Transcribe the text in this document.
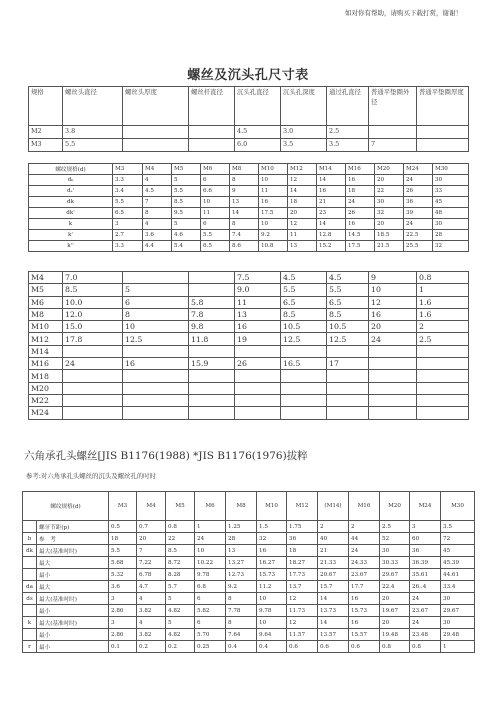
如对你有帮助，请购买下载打赏，谢谢！
螺丝及沉头孔尺寸表
规格	螺丝头直径	螺丝头厚度	螺丝杆直径	沉头孔直径	沉头孔深度	通过孔直径	普通平垫圈外径	普通平垫圈厚度
M2	3.8			4.5	3.0	2.5		
M3	5.5			6.0	3.5	3.5	7	
螺纹规格(d)	M3	M4	M5	M6	M8	M10	M12	M14	M16	M20	M24	M30
dₖ	3.3	4	5	6	8	10	12	14	16	20	24	30
dₛ'	3.4	4.5	5.5	6.6	9	11	14	16	18	22	26	33
dk	5.5	7	8.5	10	13	16	18	21	24	30	36	45
dk'	6.5	8	9.5	11	14	17.5	20	23	26	32	39	48
k	3	4	5	6	8	10	12	14	16	20	24	30
k'	2.7	3.6	4.6	5.5	7.4	9.2	11	12.8	14.5	18.5	22.5	28
k''	3.3	4.4	5.4	6.5	8.6	10.8	13	15.2	17.5	21.5	25.5	32
M4	7.0			7.5	4.5	4.5	9	0.8
M5	8.5	5		9.0	5.5	5.5	10	1
M6	10.0	6	5.8	11	6.5	6.5	12	1.6
M8	12.0	8	7.8	13	8.5	8.5	16	1.6
M10	15.0	10	9.8	16	10.5	10.5	20	2
M12	17.8	12.5	11.8	19	12.5	12.5	24	2.5
M14								
M16	24	16	15.9	26	16.5	17		
M18								
M20								
M22								
M24								
六角承孔头螺丝[JIS B1176(1988) *JIS B1176(1976)拔粹
参考:对六角承孔头螺丝的沉头及螺丝孔的吋时
螺纹规格(d)		M3	M4	M5	M6	M8	M10	M12	(M14)	M16	M20	M24	M30
	螺牙节距(p)	0.5	0.7	0.8	1	1.25	1.5	1.75	2	2	2.5	3	3.5
b	参　考	18	20	22	24	28	32	36	40	44	52	60	72
dk	最大(基准吋时)	5.5	7	8.5	10	13	16	18	21	24	30	36	45
	最大	5.68	7.22	8.72	10.22	13.27	16.27	18.27	21.33	24.33	30.33	36.39	45.39
	最小	5.32	6.78	8.28	9.78	12.73	15.73	17.73	20.67	23.67	29.67	35.61	44.61
da	最大	3.6	4.7	5.7	6.8	9.2	11.2	13.7	15.7	17.7	22.4	26..4	33.4
ds	最大(基准吋时)	3	4	5	6	8	10	12	14	16	20	24	30
	最小	2.86	3.82	4.82	5.82	7.78	9.78	11.73	13.73	15.73	19.67	23.67	29.67
k	最大(基准吋时)	3	4	5	6	8	10	12	14	16	20	24	30
	最小	2.86	3.82	4.82	5.70	7.64	9.64	11.57	13.57	15.57	19.48	23.48	29.48
r	最小	0.1	0.2	0.2	0.25	0.4	0.4	0.6	0.6	0.6	0.8	0.8	1
